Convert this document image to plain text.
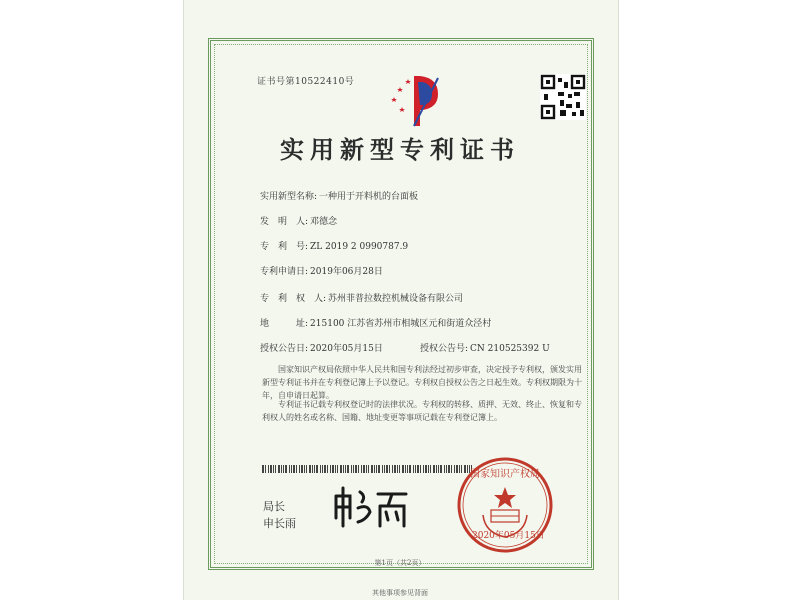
证书号第10522410号
实用新型专利证书
实用新型名称: 一种用于开料机的台面板
发　明　人: 邓德念
专　利　号: ZL 2019 2 0990787.9
专利申请日: 2019年06月28日
专　利　权　人: 苏州菲普拉数控机械设备有限公司
地　　　址: 215100 江苏省苏州市相城区元和街道众泾村
授权公告日: 2020年05月15日	授权公告号: CN 210525392 U
国家知识产权局依照中华人民共和国专利法经过初步审查，决定授予专利权，颁发实用新型专利证书并在专利登记簿上予以登记。专利权自授权公告之日起生效。专利权期限为十年，自申请日起算。
专利证书记载专利权登记时的法律状况。专利权的转移、质押、无效、终止、恢复和专利权人的姓名或名称、国籍、地址变更等事项记载在专利登记簿上。
局长
申长雨
国家知识产权局
2020年05月15日
第1页（共2页）
其他事项参见背面
